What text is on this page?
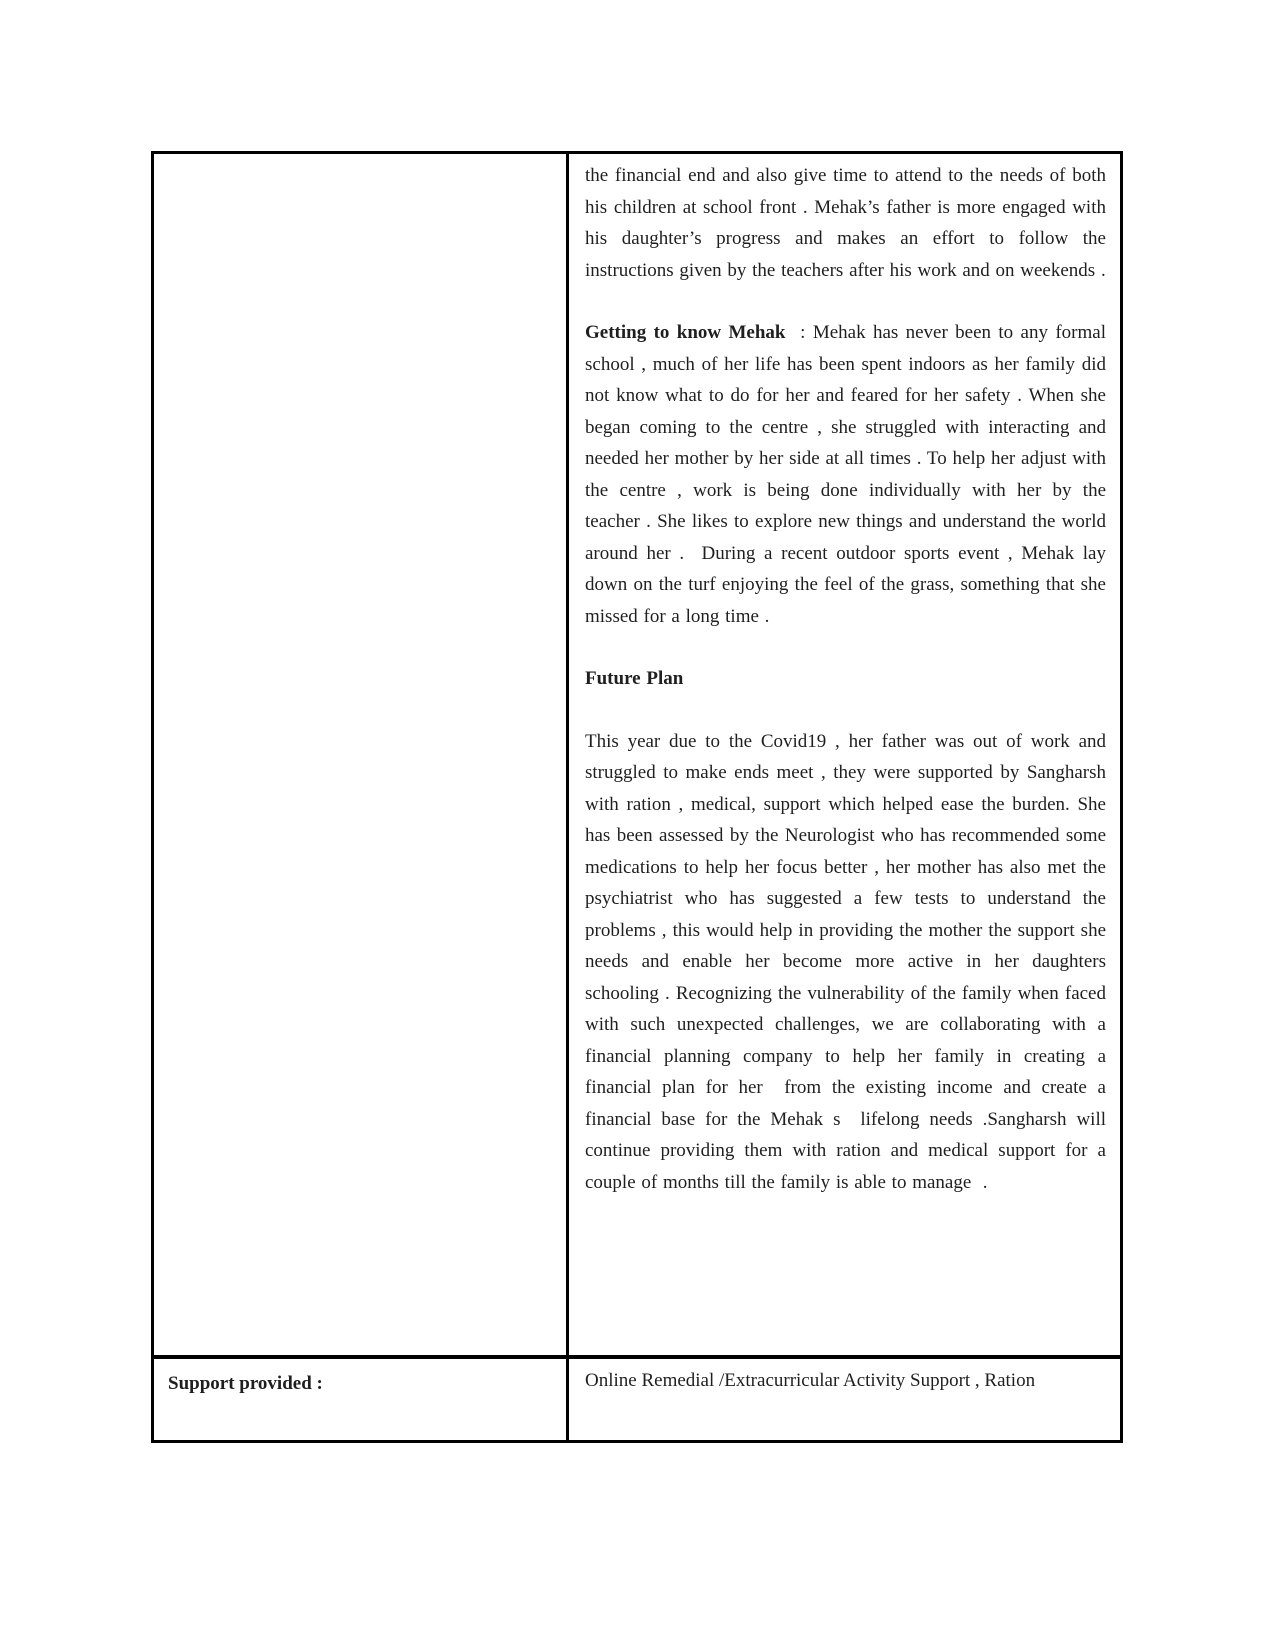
the financial end and also give time to attend to the needs of both his children at school front . Mehak’s father is more engaged with his daughter’s progress and makes an effort to follow the instructions given by the teachers after his work and on weekends .

Getting to know Mehak  : Mehak has never been to any formal school , much of her life has been spent indoors as her family did not know what to do for her and feared for her safety . When she began coming to the centre , she struggled with interacting and needed her mother by her side at all times . To help her adjust with the centre , work is being done individually with her by the teacher . She likes to explore new things and understand the world around her .  During a recent outdoor sports event , Mehak lay down on the turf enjoying the feel of the grass, something that she missed for a long time .

Future Plan

This year due to the Covid19 , her father was out of work and struggled to make ends meet , they were supported by Sangharsh with ration , medical, support which helped ease the burden. She has been assessed by the Neurologist who has recommended some medications to help her focus better , her mother has also met the psychiatrist who has suggested a few tests to understand the problems , this would help in providing the mother the support she needs and enable her become more active in her daughters schooling . Recognizing the vulnerability of the family when faced with such unexpected challenges, we are collaborating with a financial planning company to help her family in creating a financial plan for her  from the existing income and create a financial base for the Mehak s  lifelong needs .Sangharsh will continue providing them with ration and medical support for a couple of months till the family is able to manage  .

Support provided :	Online Remedial /Extracurricular Activity Support , Ration
